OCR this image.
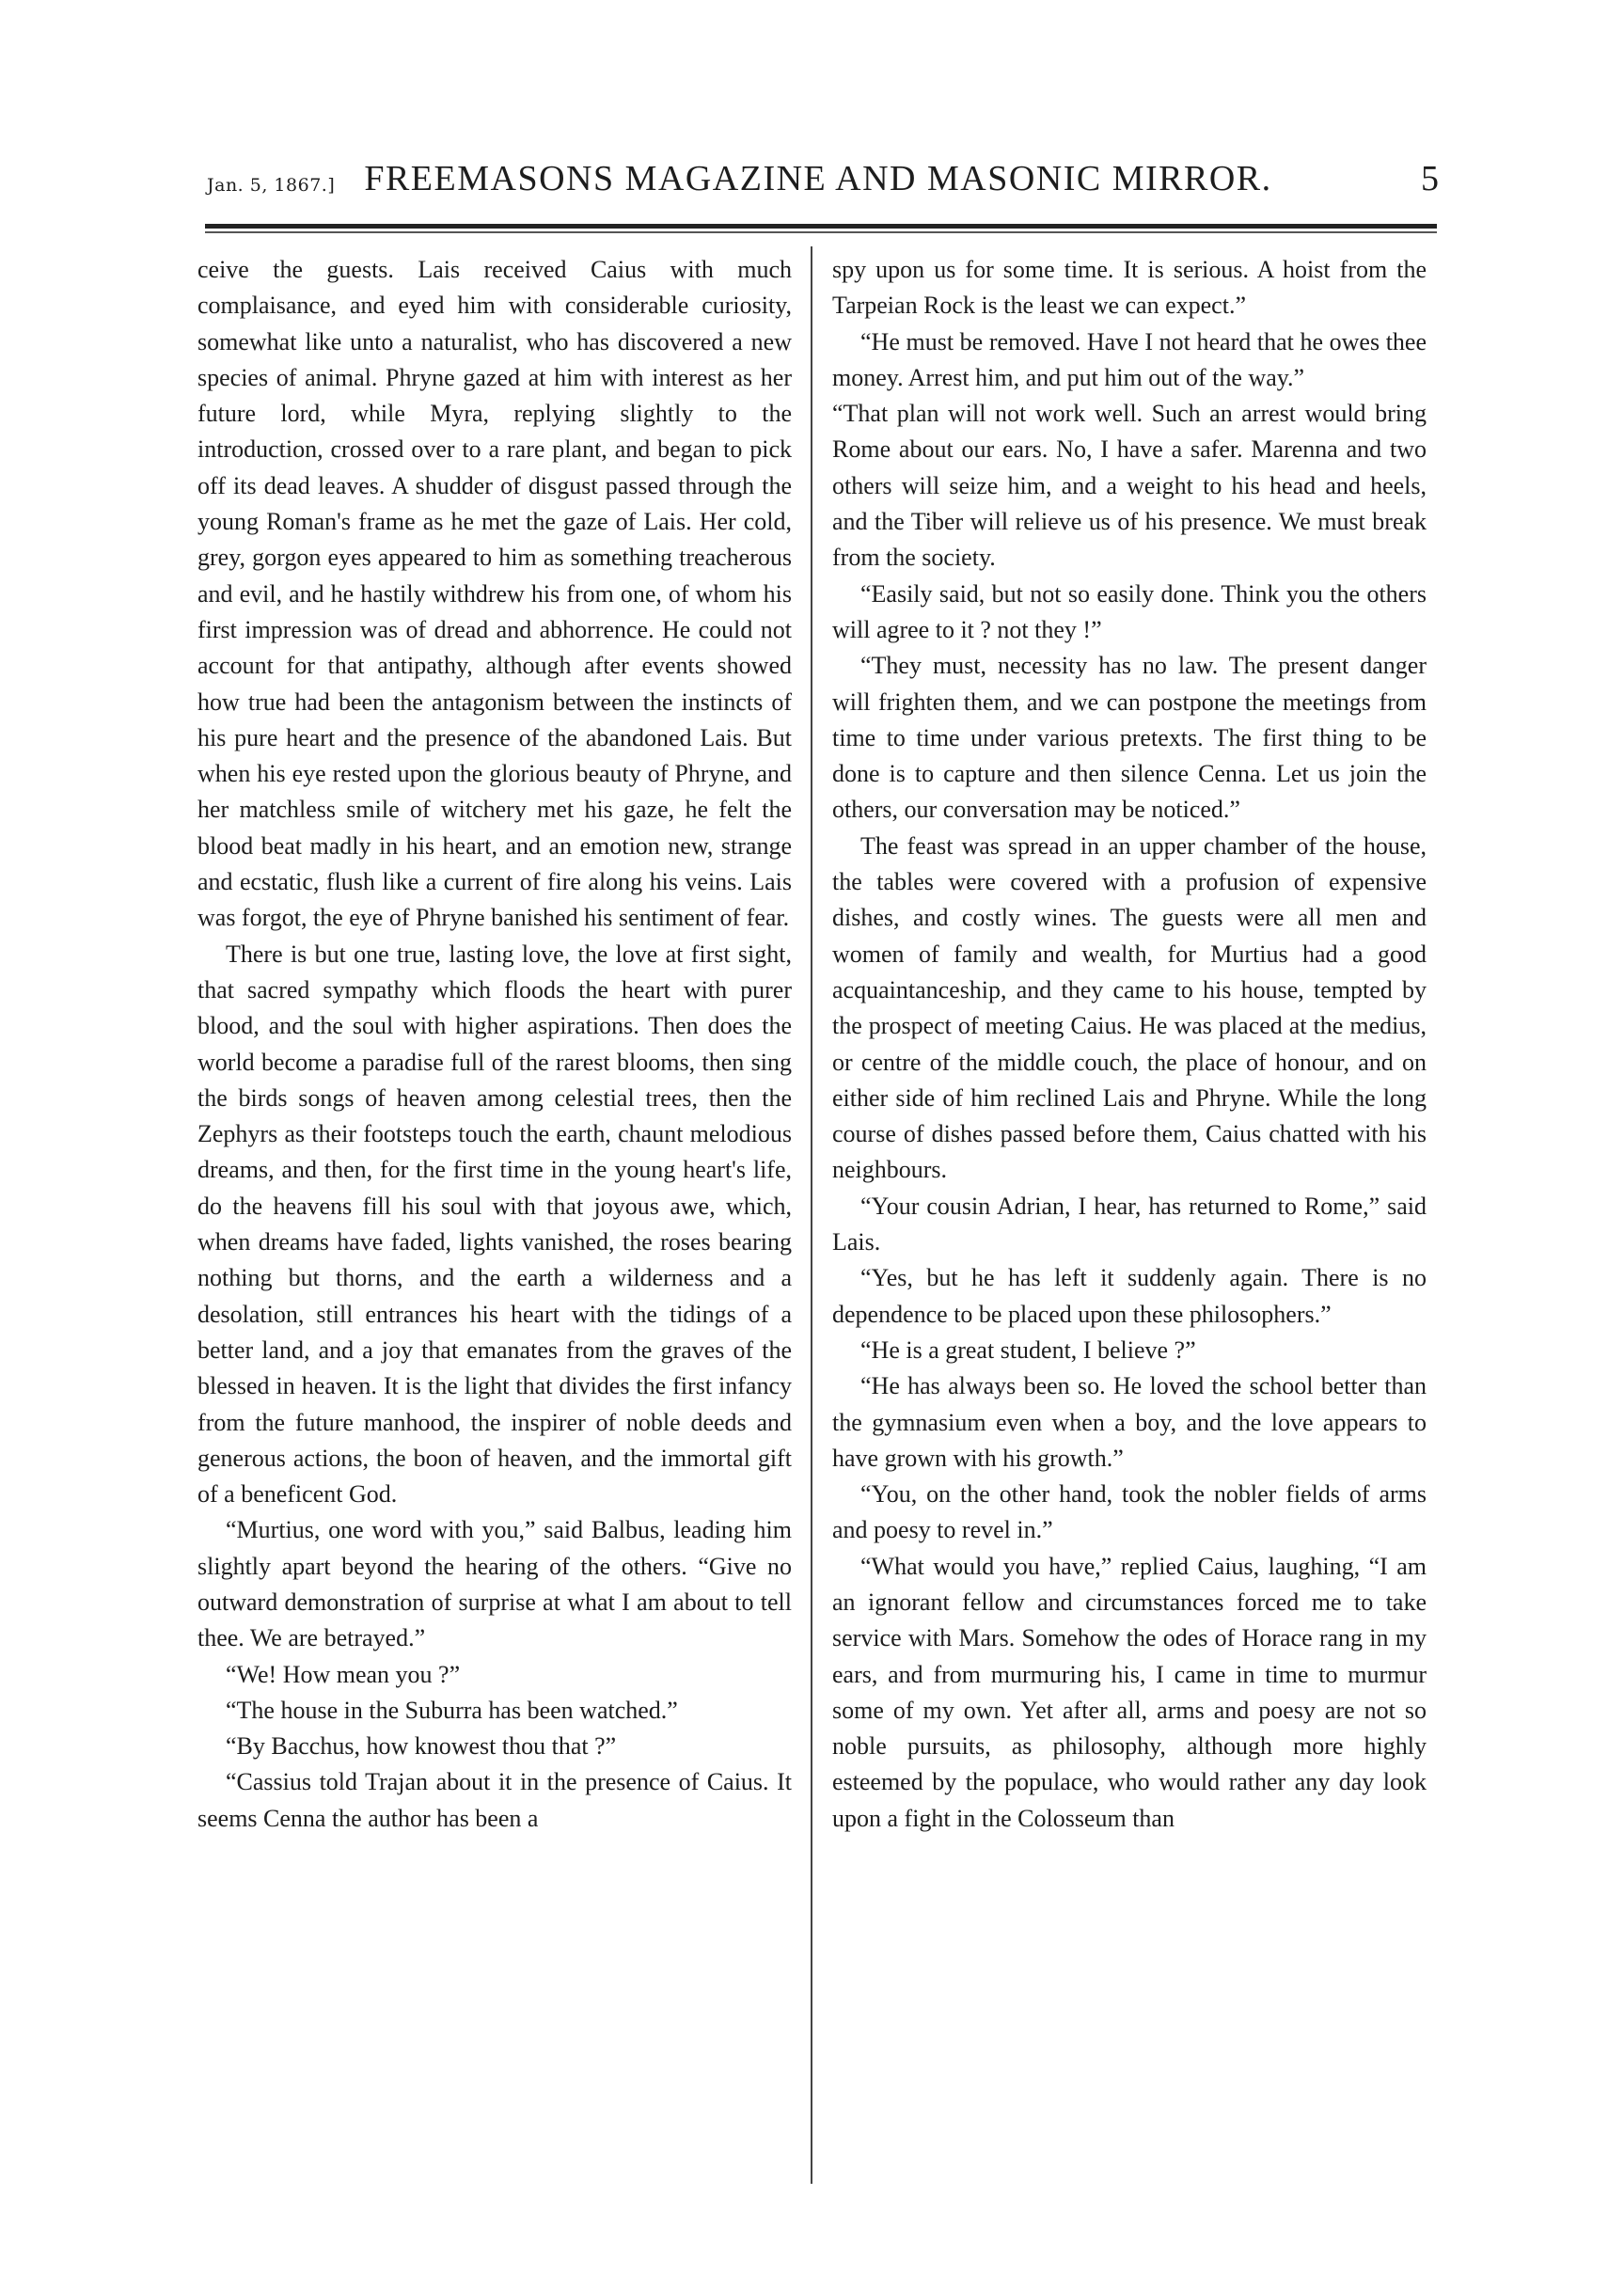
Jan. 5, 1867.] FREEMASONS MAGAZINE AND MASONIC MIRROR.	5

ceive the guests. Lais received Caius with much complaisance, and eyed him with considerable curiosity, somewhat like unto a naturalist, who has discovered a new species of animal. Phryne gazed at him with interest as her future lord, while Myra, replying slightly to the introduction, crossed over to a rare plant, and began to pick off its dead leaves. A shudder of disgust passed through the young Roman's frame as he met the gaze of Lais. Her cold, grey, gorgon eyes appeared to him as something treacherous and evil, and he hastily withdrew his from one, of whom his first impression was of dread and abhorrence. He could not account for that antipathy, although after events showed how true had been the antagonism between the instincts of his pure heart and the presence of the abandoned Lais. But when his eye rested upon the glorious beauty of Phryne, and her matchless smile of witchery met his gaze, he felt the blood beat madly in his heart, and an emotion new, strange and ecstatic, flush like a current of fire along his veins. Lais was forgot, the eye of Phryne banished his sentiment of fear.

There is but one true, lasting love, the love at first sight, that sacred sympathy which floods the heart with purer blood, and the soul with higher aspirations. Then does the world become a paradise full of the rarest blooms, then sing the birds songs of heaven among celestial trees, then the Zephyrs as their footsteps touch the earth, chaunt melodious dreams, and then, for the first time in the young heart's life, do the heavens fill his soul with that joyous awe, which, when dreams have faded, lights vanished, the roses bearing nothing but thorns, and the earth a wilderness and a desolation, still entrances his heart with the tidings of a better land, and a joy that emanates from the graves of the blessed in heaven. It is the light that divides the first infancy from the future manhood, the inspirer of noble deeds and generous actions, the boon of heaven, and the immortal gift of a beneficent God.

“Murtius, one word with you,” said Balbus, leading him slightly apart beyond the hearing of the others. “Give no outward demonstration of surprise at what I am about to tell thee. We are betrayed.”

“We! How mean you ?”

“The house in the Suburra has been watched.”

“By Bacchus, how knowest thou that ?”

“Cassius told Trajan about it in the presence of Caius. It seems Cenna the author has been a

spy upon us for some time. It is serious. A hoist from the Tarpeian Rock is the least we can expect.”

“He must be removed. Have I not heard that he owes thee money. Arrest him, and put him out of the way.”

“That plan will not work well. Such an arrest would bring Rome about our ears. No, I have a safer. Marenna and two others will seize him, and a weight to his head and heels, and the Tiber will relieve us of his presence. We must break from the society.

“Easily said, but not so easily done. Think you the others will agree to it ? not they !”

“They must, necessity has no law. The present danger will frighten them, and we can postpone the meetings from time to time under various pretexts. The first thing to be done is to capture and then silence Cenna. Let us join the others, our conversation may be noticed.”

The feast was spread in an upper chamber of the house, the tables were covered with a profusion of expensive dishes, and costly wines. The guests were all men and women of family and wealth, for Murtius had a good acquaintanceship, and they came to his house, tempted by the prospect of meeting Caius. He was placed at the medius, or centre of the middle couch, the place of honour, and on either side of him reclined Lais and Phryne. While the long course of dishes passed before them, Caius chatted with his neighbours.

“Your cousin Adrian, I hear, has returned to Rome,” said Lais.

“Yes, but he has left it suddenly again. There is no dependence to be placed upon these philosophers.”

“He is a great student, I believe ?”

“He has always been so. He loved the school better than the gymnasium even when a boy, and the love appears to have grown with his growth.”

“You, on the other hand, took the nobler fields of arms and poesy to revel in.”

“What would you have,” replied Caius, laughing, “I am an ignorant fellow and circumstances forced me to take service with Mars. Somehow the odes of Horace rang in my ears, and from murmuring his, I came in time to murmur some of my own. Yet after all, arms and poesy are not so noble pursuits, as philosophy, although more highly esteemed by the populace, who would rather any day look upon a fight in the Colosseum than
